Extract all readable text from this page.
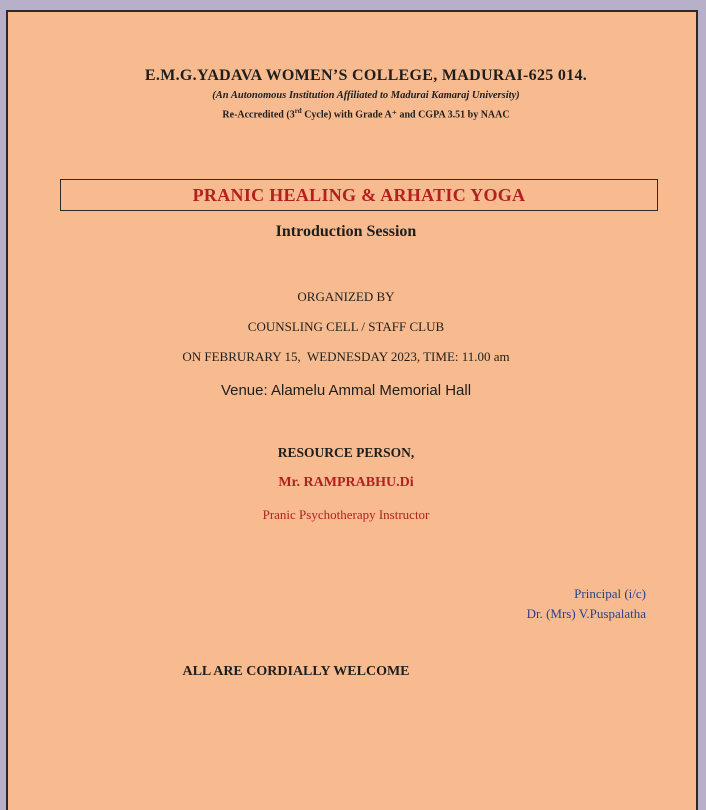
E.M.G.YADAVA WOMEN’S COLLEGE, MADURAI-625 014.
(An Autonomous Institution Affiliated to Madurai Kamaraj University)
Re-Accredited (3rd Cycle) with Grade A⁺ and CGPA 3.51 by NAAC
PRANIC HEALING & ARHATIC YOGA
Introduction Session
ORGANIZED BY
COUNSLING CELL / STAFF CLUB
ON FEBRURARY 15,  WEDNESDAY 2023, TIME: 11.00 am
Venue: Alamelu Ammal Memorial Hall
RESOURCE PERSON,
Mr. RAMPRABHU.Di
Pranic Psychotherapy Instructor
Principal (i/c)
Dr. (Mrs) V.Puspalatha
ALL ARE CORDIALLY WELCOME
